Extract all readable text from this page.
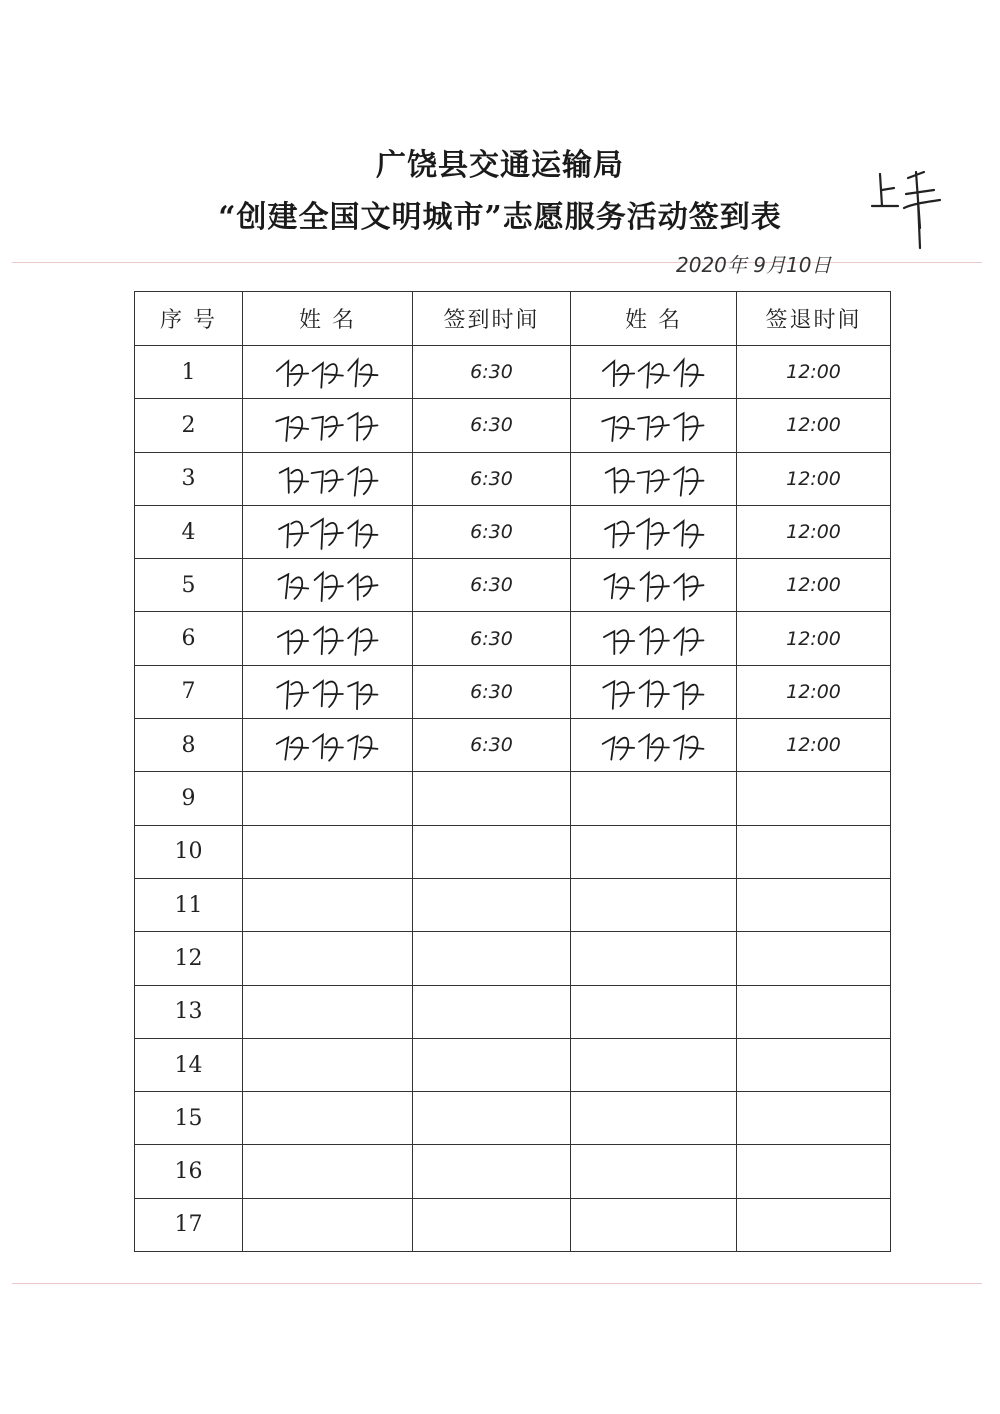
广饶县交通运输局
“创建全国文明城市”志愿服务活动签到表
2020年 9月10日
序 号	姓 名	签到时间	姓 名	签退时间
1		6:30		12:00
2		6:30		12:00
3		6:30		12:00
4		6:30		12:00
5		6:30		12:00
6		6:30		12:00
7		6:30		12:00
8		6:30		12:00
9				
10				
11				
12				
13				
14				
15				
16				
17				
